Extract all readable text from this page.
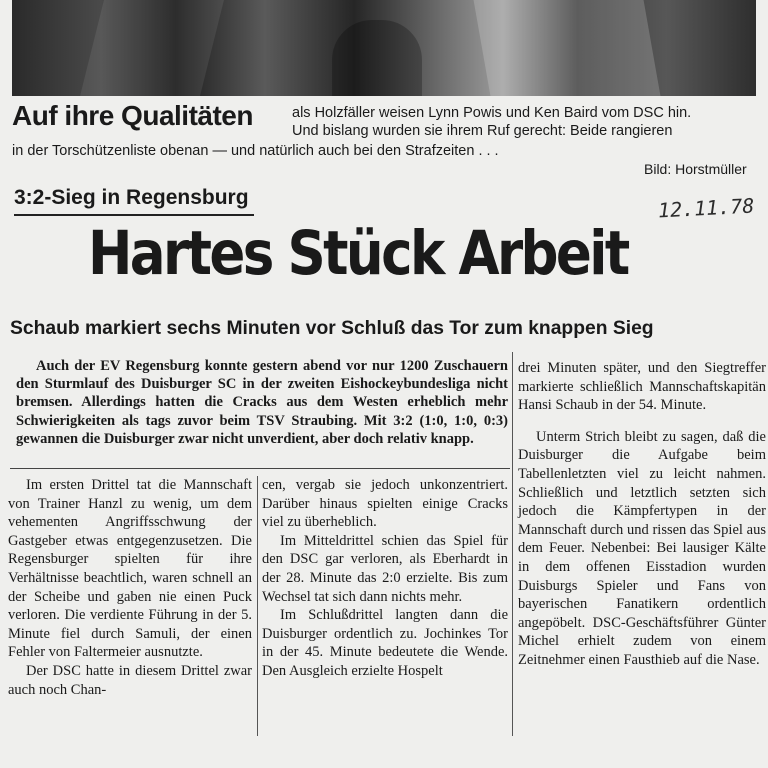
Auf ihre Qualitäten	als Holzfäller weisen Lynn Powis und Ken Baird vom DSC hin.
Und bislang wurden sie ihrem Ruf gerecht: Beide rangieren
in der Torschützenliste obenan — und natürlich auch bei den Strafzeiten . . .
Bild: Horstmüller
3:2-Sieg in Regensburg	12.11.78
Hartes Stück Arbeit
Schaub markiert sechs Minuten vor Schluß das Tor zum knappen Sieg

Auch der EV Regensburg konnte gestern abend vor nur 1200 Zuschauern den Sturmlauf des Duisburger SC in der zweiten Eishockeybundesliga nicht bremsen. Allerdings hatten die Cracks aus dem Westen erheblich mehr Schwierigkeiten als tags zuvor beim TSV Straubing. Mit 3:2 (1:0, 1:0, 0:3) gewannen die Duisburger zwar nicht unverdient, aber doch relativ knapp.

Im ersten Drittel tat die Mannschaft von Trainer Hanzl zu wenig, um dem vehementen Angriffsschwung der Gastgeber etwas entgegenzusetzen. Die Regensburger spielten für ihre Verhältnisse beachtlich, waren schnell an der Scheibe und gaben nie einen Puck verloren. Die verdiente Führung in der 5. Minute fiel durch Samuli, der einen Fehler von Faltermeier ausnutzte.

Der DSC hatte in diesem Drittel zwar auch noch Chan-

cen, vergab sie jedoch unkonzentriert. Darüber hinaus spielten einige Cracks viel zu überheblich.

Im Mitteldrittel schien das Spiel für den DSC gar verloren, als Eberhardt in der 28. Minute das 2:0 erzielte. Bis zum Wechsel tat sich dann nichts mehr.

Im Schlußdrittel langten dann die Duisburger ordentlich zu. Jochinkes Tor in der 45. Minute bedeutete die Wende. Den Ausgleich erzielte Hospelt

drei Minuten später, und den Siegtreffer markierte schließlich Mannschaftskapitän Hansi Schaub in der 54. Minute.

Unterm Strich bleibt zu sagen, daß die Duisburger die Aufgabe beim Tabellenletzten viel zu leicht nahmen. Schließlich und letztlich setzten sich jedoch die Kämpfertypen in der Mannschaft durch und rissen das Spiel aus dem Feuer. Nebenbei: Bei lausiger Kälte in dem offenen Eisstadion wurden Duisburgs Spieler und Fans von bayerischen Fanatikern ordentlich angepöbelt. DSC-Geschäftsführer Günter Michel erhielt zudem von einem Zeitnehmer einen Fausthieb auf die Nase.
